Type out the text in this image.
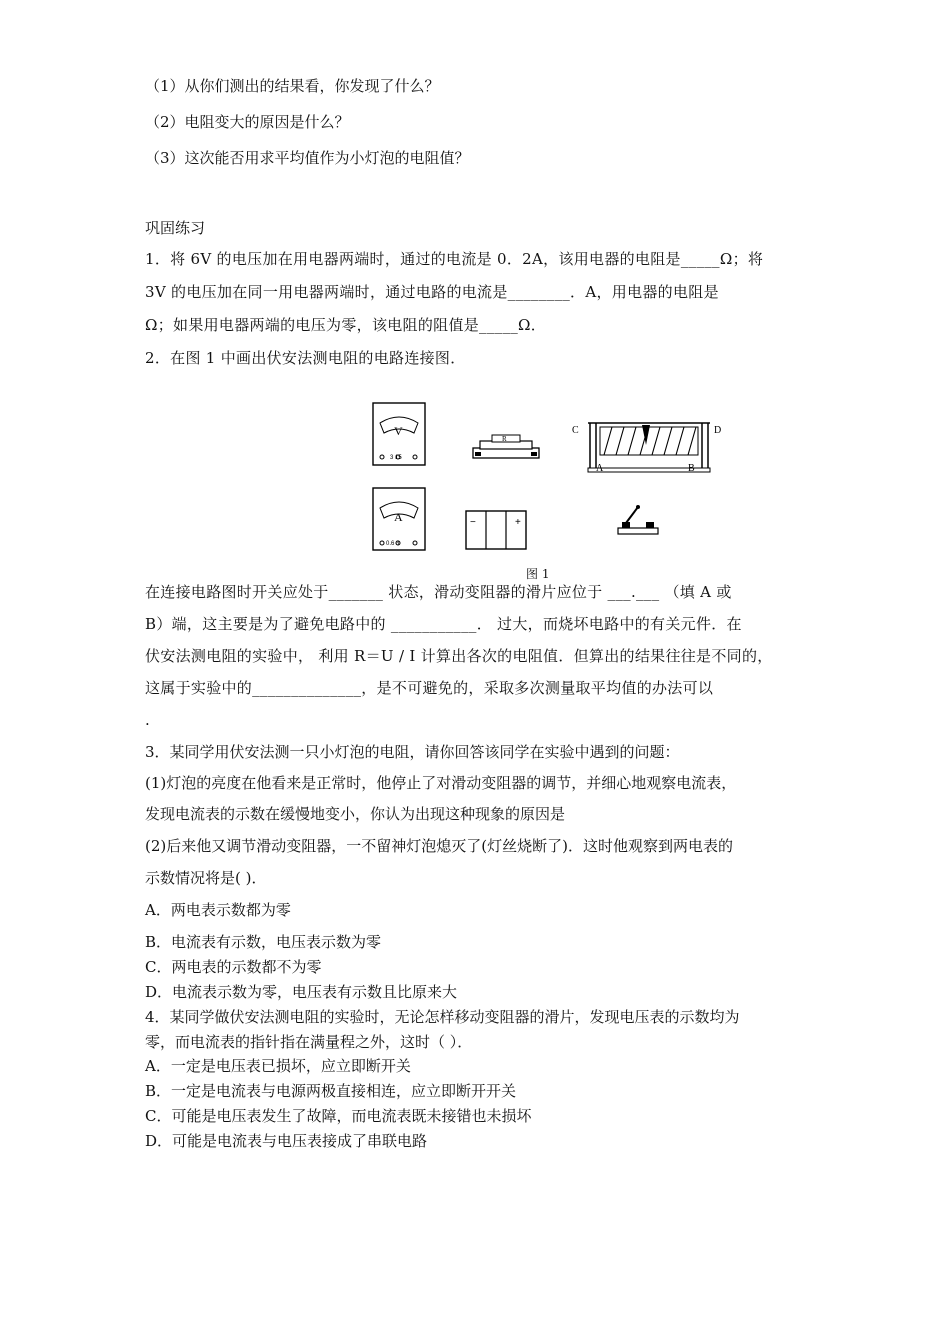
（1）从你们测出的结果看，你发现了什么？
（2）电阻变大的原因是什么？
（3）这次能否用求平均值作为小灯泡的电阻值？
巩固练习
1．将 6V 的电压加在用电器两端时，通过的电流是 0．2A，该用电器的电阻是_____Ω；将
3V 的电压加在同一用电器两端时，通过电路的电流是________．A，用电器的电阻是
Ω；如果用电器两端的电压为零，该电阻的阻值是_____Ω．
2．在图 1 中画出伏安法测电阻的电路连接图．
V
3 15
R
C	D
A	B
A
0.6 3
−	+
图 1
在连接电路图时开关应处于_______ 状态，滑动变阻器的滑片应位于 ___.___ （填 A 或
B）端，这主要是为了避免电路中的 ___________． 过大，而烧坏电路中的有关元件．在
伏安法测电阻的实验中， 利用 R＝U / I 计算出各次的电阻值．但算出的结果往往是不同的，
这属于实验中的______________，是不可避免的，采取多次测量取平均值的办法可以
.
3．某同学用伏安法测一只小灯泡的电阻，请你回答该同学在实验中遇到的问题：
(1)灯泡的亮度在他看来是正常时，他停止了对滑动变阻器的调节，并细心地观察电流表，
发现电流表的示数在缓慢地变小，你认为出现这种现象的原因是
(2)后来他又调节滑动变阻器，一不留神灯泡熄灭了(灯丝烧断了)．这时他观察到两电表的
示数情况将是( )．
A．两电表示数都为零
B．电流表有示数，电压表示数为零
C．两电表的示数都不为零
D．电流表示数为零，电压表有示数且比原来大
4．某同学做伏安法测电阻的实验时，无论怎样移动变阻器的滑片，发现电压表的示数均为
零，而电流表的指针指在满量程之外，这时（ ）．
A．一定是电压表已损坏，应立即断开关
B．一定是电流表与电源两极直接相连，应立即断开开关
C．可能是电压表发生了故障，而电流表既未接错也未损坏
D．可能是电流表与电压表接成了串联电路
